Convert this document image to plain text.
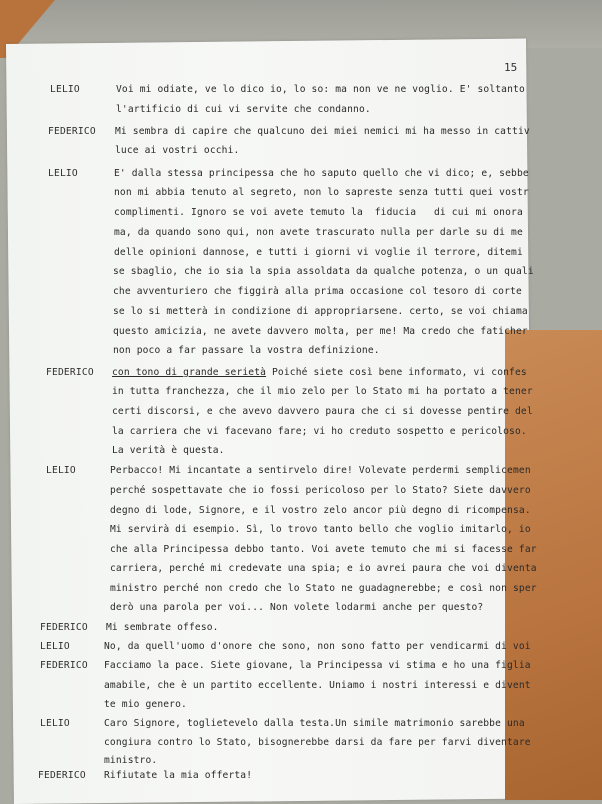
15
LELIO	Voi mi odiate, ve lo dico io, lo so: ma non ve ne voglio. E' soltanto
l'artificio di cui vi servite che condanno.
FEDERICO Mi sembra di capire che qualcuno dei miei nemici mi ha messo in cattiv
luce ai vostri occhi.
LELIO	E' dalla stessa principessa che ho saputo quello che vi dico; e, sebbe
non mi abbia tenuto al segreto, non lo sapreste senza tutti quei vostr
complimenti. Ignoro se voi avete temuto la  fiducia   di cui mi onora
ma, da quando sono qui, non avete trascurato nulla per darle su di me
delle opinioni dannose, e tutti i giorni vi voglie il terrore, ditemi
se sbaglio, che io sia la spia assoldata da qualche potenza, o un quali
che avventuriero che figgirà alla prima occasione col tesoro di corte
se lo si metterà in condizione di appropriarsene. certo, se voi chiama
questo amicizia, ne avete davvero molta, per me! Ma credo che faticher
non poco a far passare la vostra definizione.
FEDERICO con tono di grande serietà Poiché siete così bene informato, vi confes
in tutta franchezza, che il mio zelo per lo Stato mi ha portato a tener
certi discorsi, e che avevo davvero paura che ci si dovesse pentire del
la carriera che vi facevano fare; vi ho creduto sospetto e pericoloso.
La verità è questa.
LELIO	Perbacco! Mi incantate a sentirvelo dire! Volevate perdermi semplicemen
perché sospettavate che io fossi pericoloso per lo Stato? Siete davvero
degno di lode, Signore, e il vostro zelo ancor più degno di ricompensa.
Mi servirà di esempio. Sì, lo trovo tanto bello che voglio imitarlo, io
che alla Principessa debbo tanto. Voi avete temuto che mi si facesse far
carriera, perché mi credevate una spia; e io avrei paura che voi diventa
ministro perché non credo che lo Stato ne guadagnerebbe; e così non sper
derò una parola per voi... Non volete lodarmi anche per questo?
FEDERICO Mi sembrate offeso.
LELIO	No, da quell'uomo d'onore che sono, non sono fatto per vendicarmi di voi
FEDERICO Facciamo la pace. Siete giovane, la Principessa vi stima e ho una figlia
amabile, che è un partito eccellente. Uniamo i nostri interessi e divent
te mio genero.
LELIO	Caro Signore, toglietevelo dalla testa.Un simile matrimonio sarebbe una
congiura contro lo Stato, bisognerebbe darsi da fare per farvi diventare
ministro.
FEDERICO Rifiutate la mia offerta!
